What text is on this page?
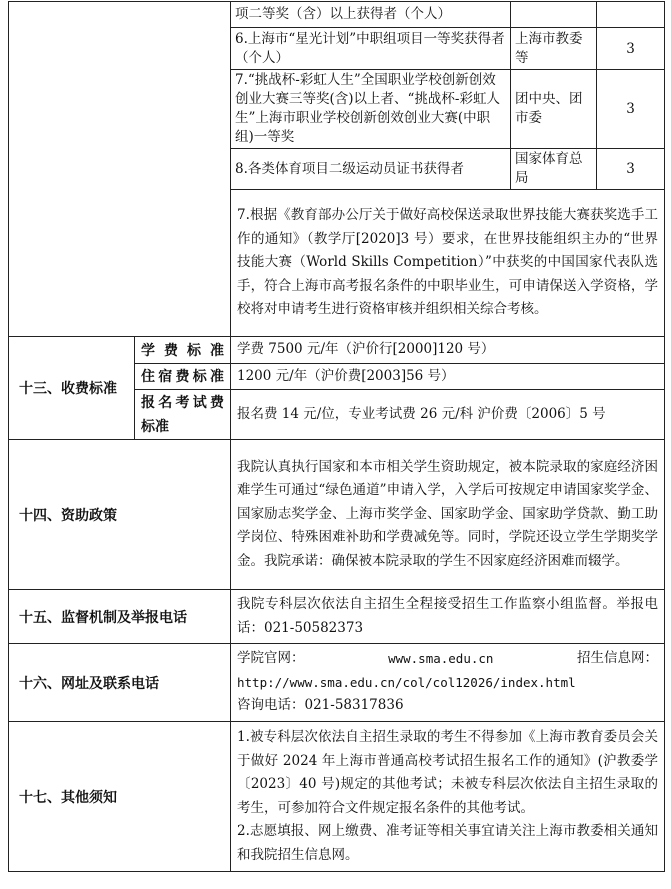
		项二等奖（含）以上获得者（个人）		
		6.上海市“星光计划”中职组项目一等奖获得者（个人）	上海市教委等	3
		7.“挑战杯-彩虹人生”全国职业学校创新创效创业大赛三等奖(含)以上者、“挑战杯-彩虹人生”上海市职业学校创新创效创业大赛(中职组)一等奖	团中央、团市委	3
		8.各类体育项目二级运动员证书获得者	国家体育总局	3
		7.根据《教育部办公厅关于做好高校保送录取世界技能大赛获奖选手工作的通知》（教学厅[2020]3 号）要求，在世界技能组织主办的“世界技能大赛（World Skills Competition）”中获奖的中国国家代表队选手，符合上海市高考报名条件的中职毕业生，可申请保送入学资格，学校将对申请考生进行资格审核并组织相关综合考核。		
十三、收费标准	学费标准	学费 7500 元/年（沪价行[2000]120 号）		
	住宿费标准	1200 元/年（沪价费[2003]56 号）		
	报名考试费标准	报名费 14 元/位，专业考试费 26 元/科 沪价费〔2006〕5 号		
十四、资助政策		我院认真执行国家和本市相关学生资助规定，被本院录取的家庭经济困难学生可通过“绿色通道”申请入学，入学后可按规定申请国家奖学金、国家励志奖学金、上海市奖学金、国家助学金、国家助学贷款、勤工助学岗位、特殊困难补助和学费减免等。同时，学院还设立学生学期奖学金。我院承诺：确保被本院录取的学生不因家庭经济困难而辍学。		
十五、监督机制及举报电话		我院专科层次依法自主招生全程接受招生工作监察小组监督。举报电话：021-50582373		
十六、网址及联系电话		学院官网： www.sma.edu.cn 招生信息网：
http://www.sma.edu.cn/col/col12026/index.html
咨询电话：021-58317836		

十七、其他须知		1.被专科层次依法自主招生录取的考生不得参加《上海市教育委员会关于做好 2024 年上海市普通高校考试招生报名工作的通知》(沪教委学〔2023〕40 号)规定的其他考试；未被专科层次依法自主招生录取的考生，可参加符合文件规定报名条件的其他考试。

2.志愿填报、网上缴费、准考证等相关事宜请关注上海市教委相关通知和我院招生信息网。		
